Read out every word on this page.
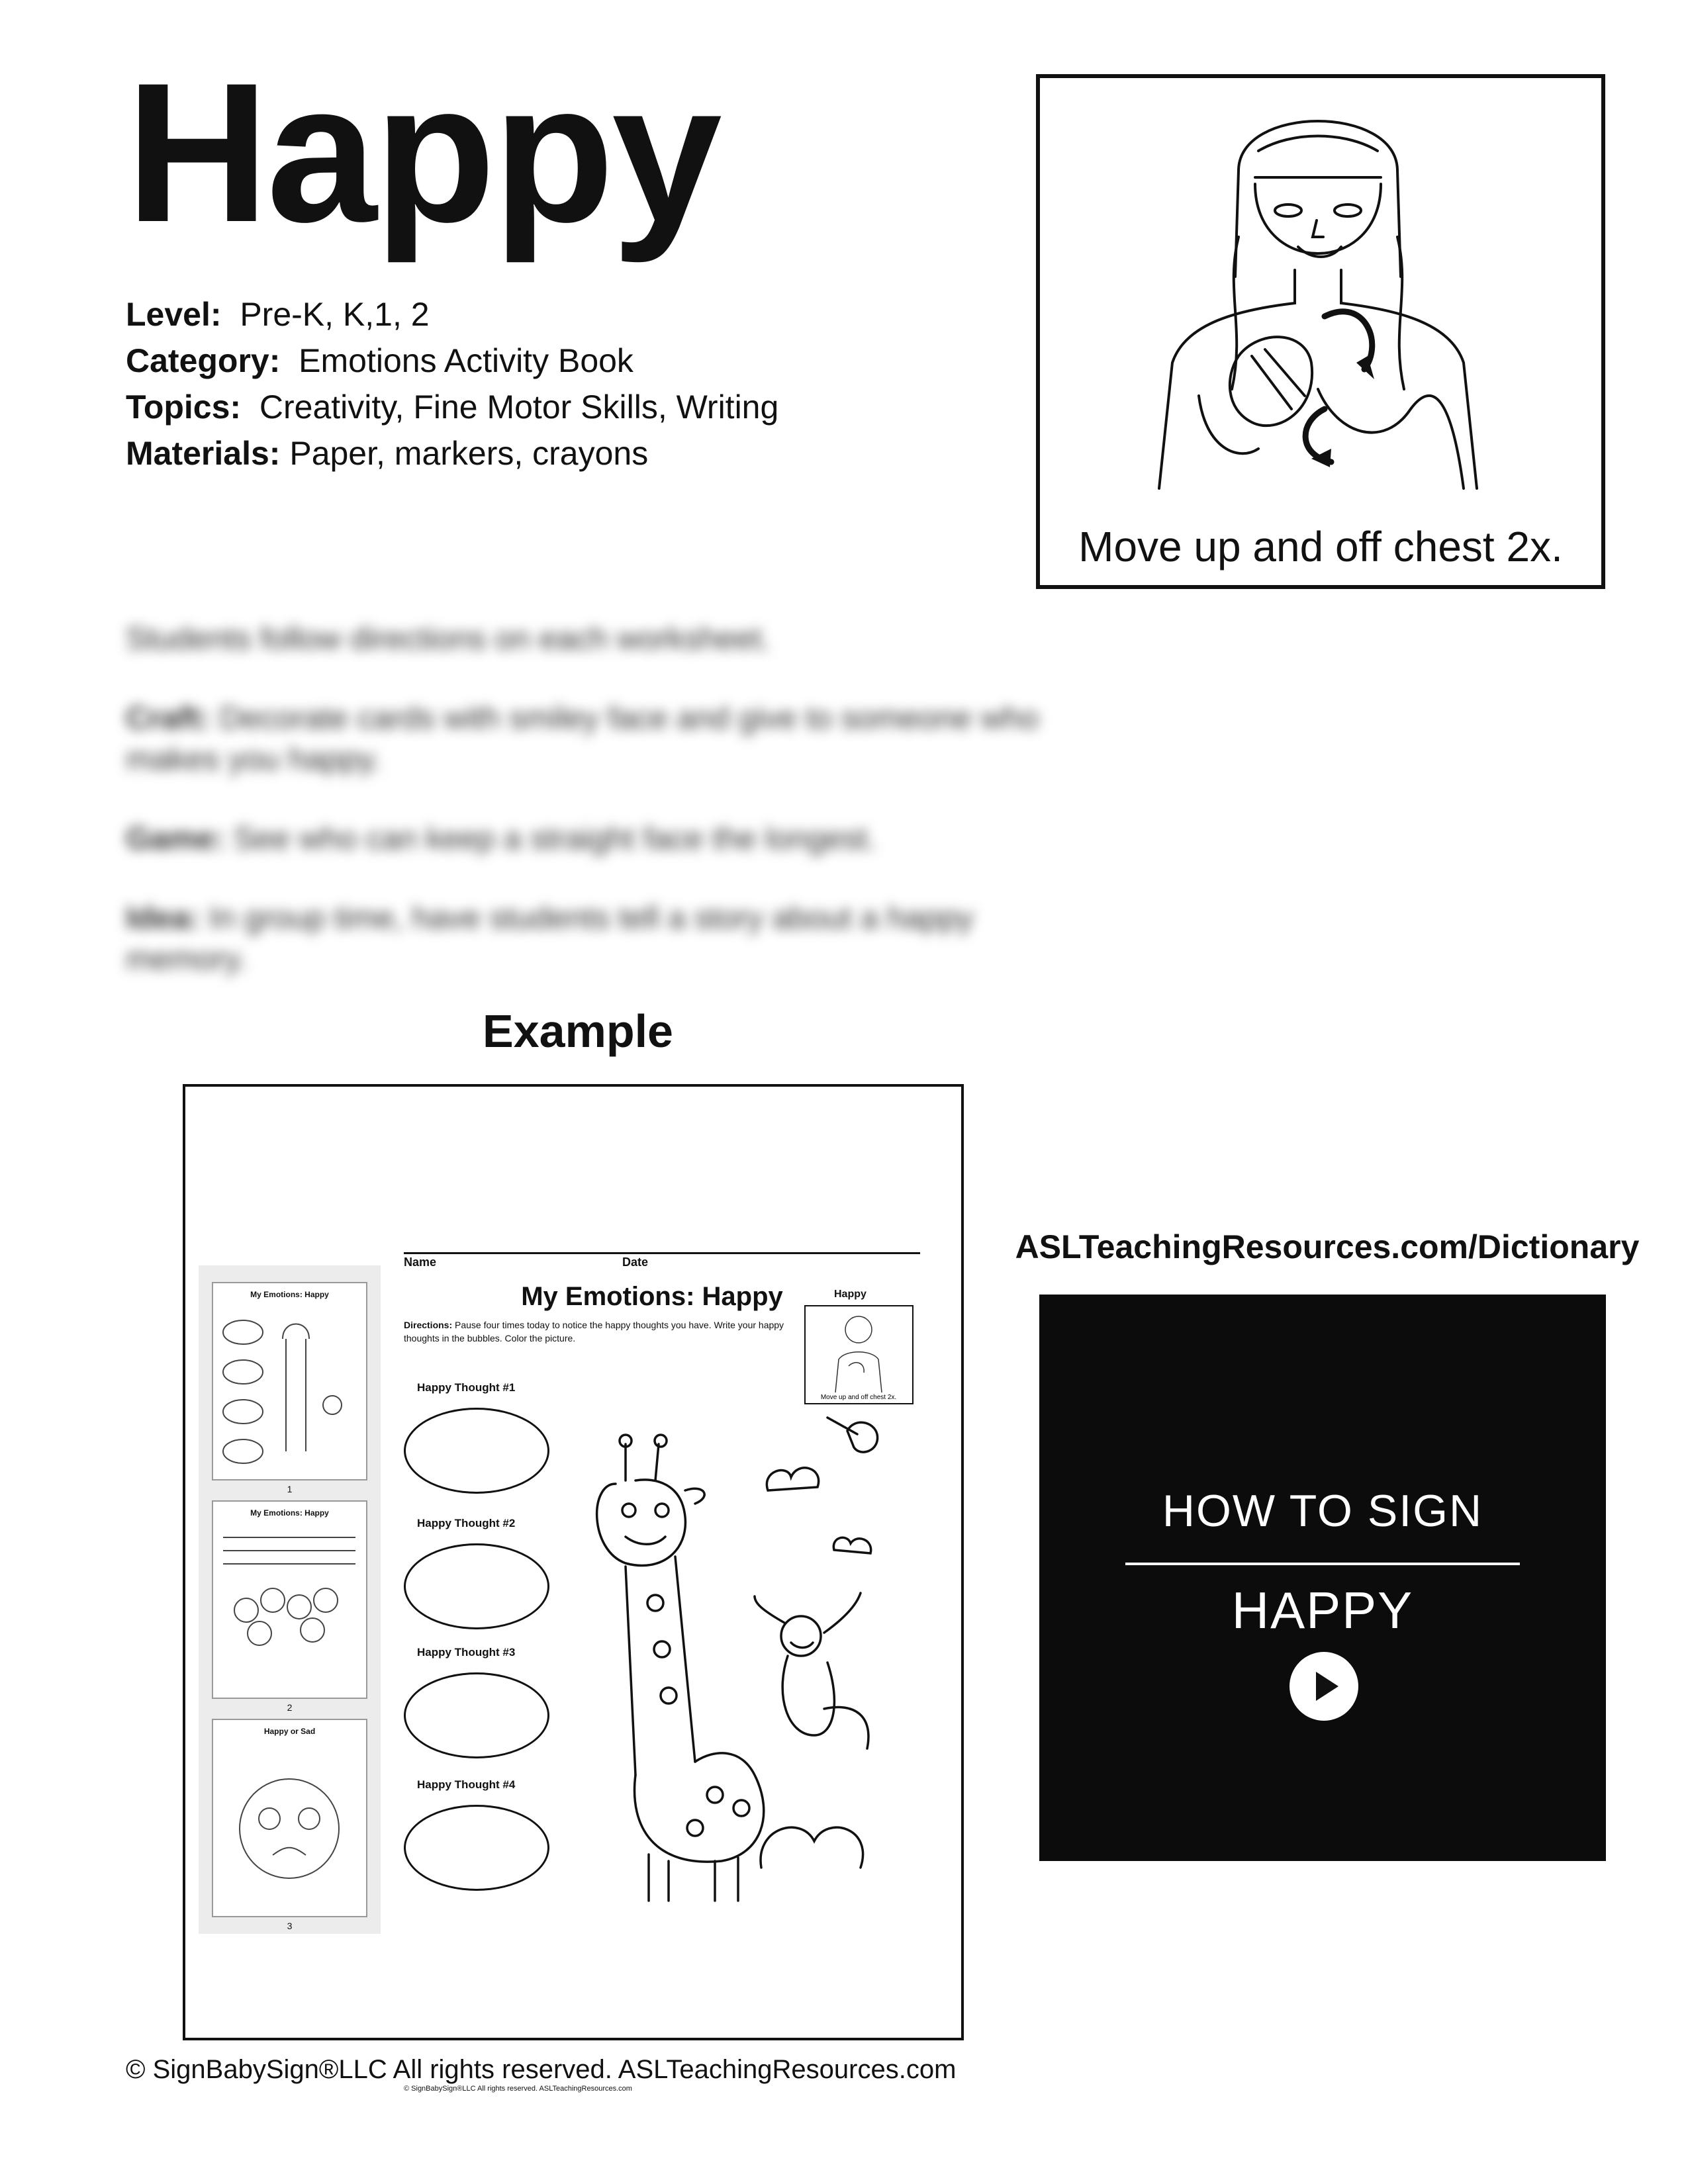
Happy
Level: Pre-K, K,1, 2
Category: Emotions Activity Book
Topics: Creativity, Fine Motor Skills, Writing
Materials: Paper, markers, crayons
Move up and off chest 2x.

Students follow directions on each worksheet.

Craft: Decorate cards with smiley face and give to someone who makes you happy.

Game: See who can keep a straight face the longest.

Idea: In group time, have students tell a story about a happy memory.

Example
My Emotions: Happy
1
My Emotions: Happy
2
Happy or Sad
3
Name	Date
My Emotions: Happy	Happy
Move up and off chest 2x.
Directions: Pause four times today to notice the happy thoughts you have. Write your happy thoughts in the bubbles. Color the picture.
Happy Thought #1
Happy Thought #2
Happy Thought #3
Happy Thought #4
© SignBabySign®LLC All rights reserved. ASLTeachingResources.com
ASLTeachingResources.com/Dictionary
HOW TO SIGN
HAPPY
© SignBabySign®LLC All rights reserved. ASLTeachingResources.com
